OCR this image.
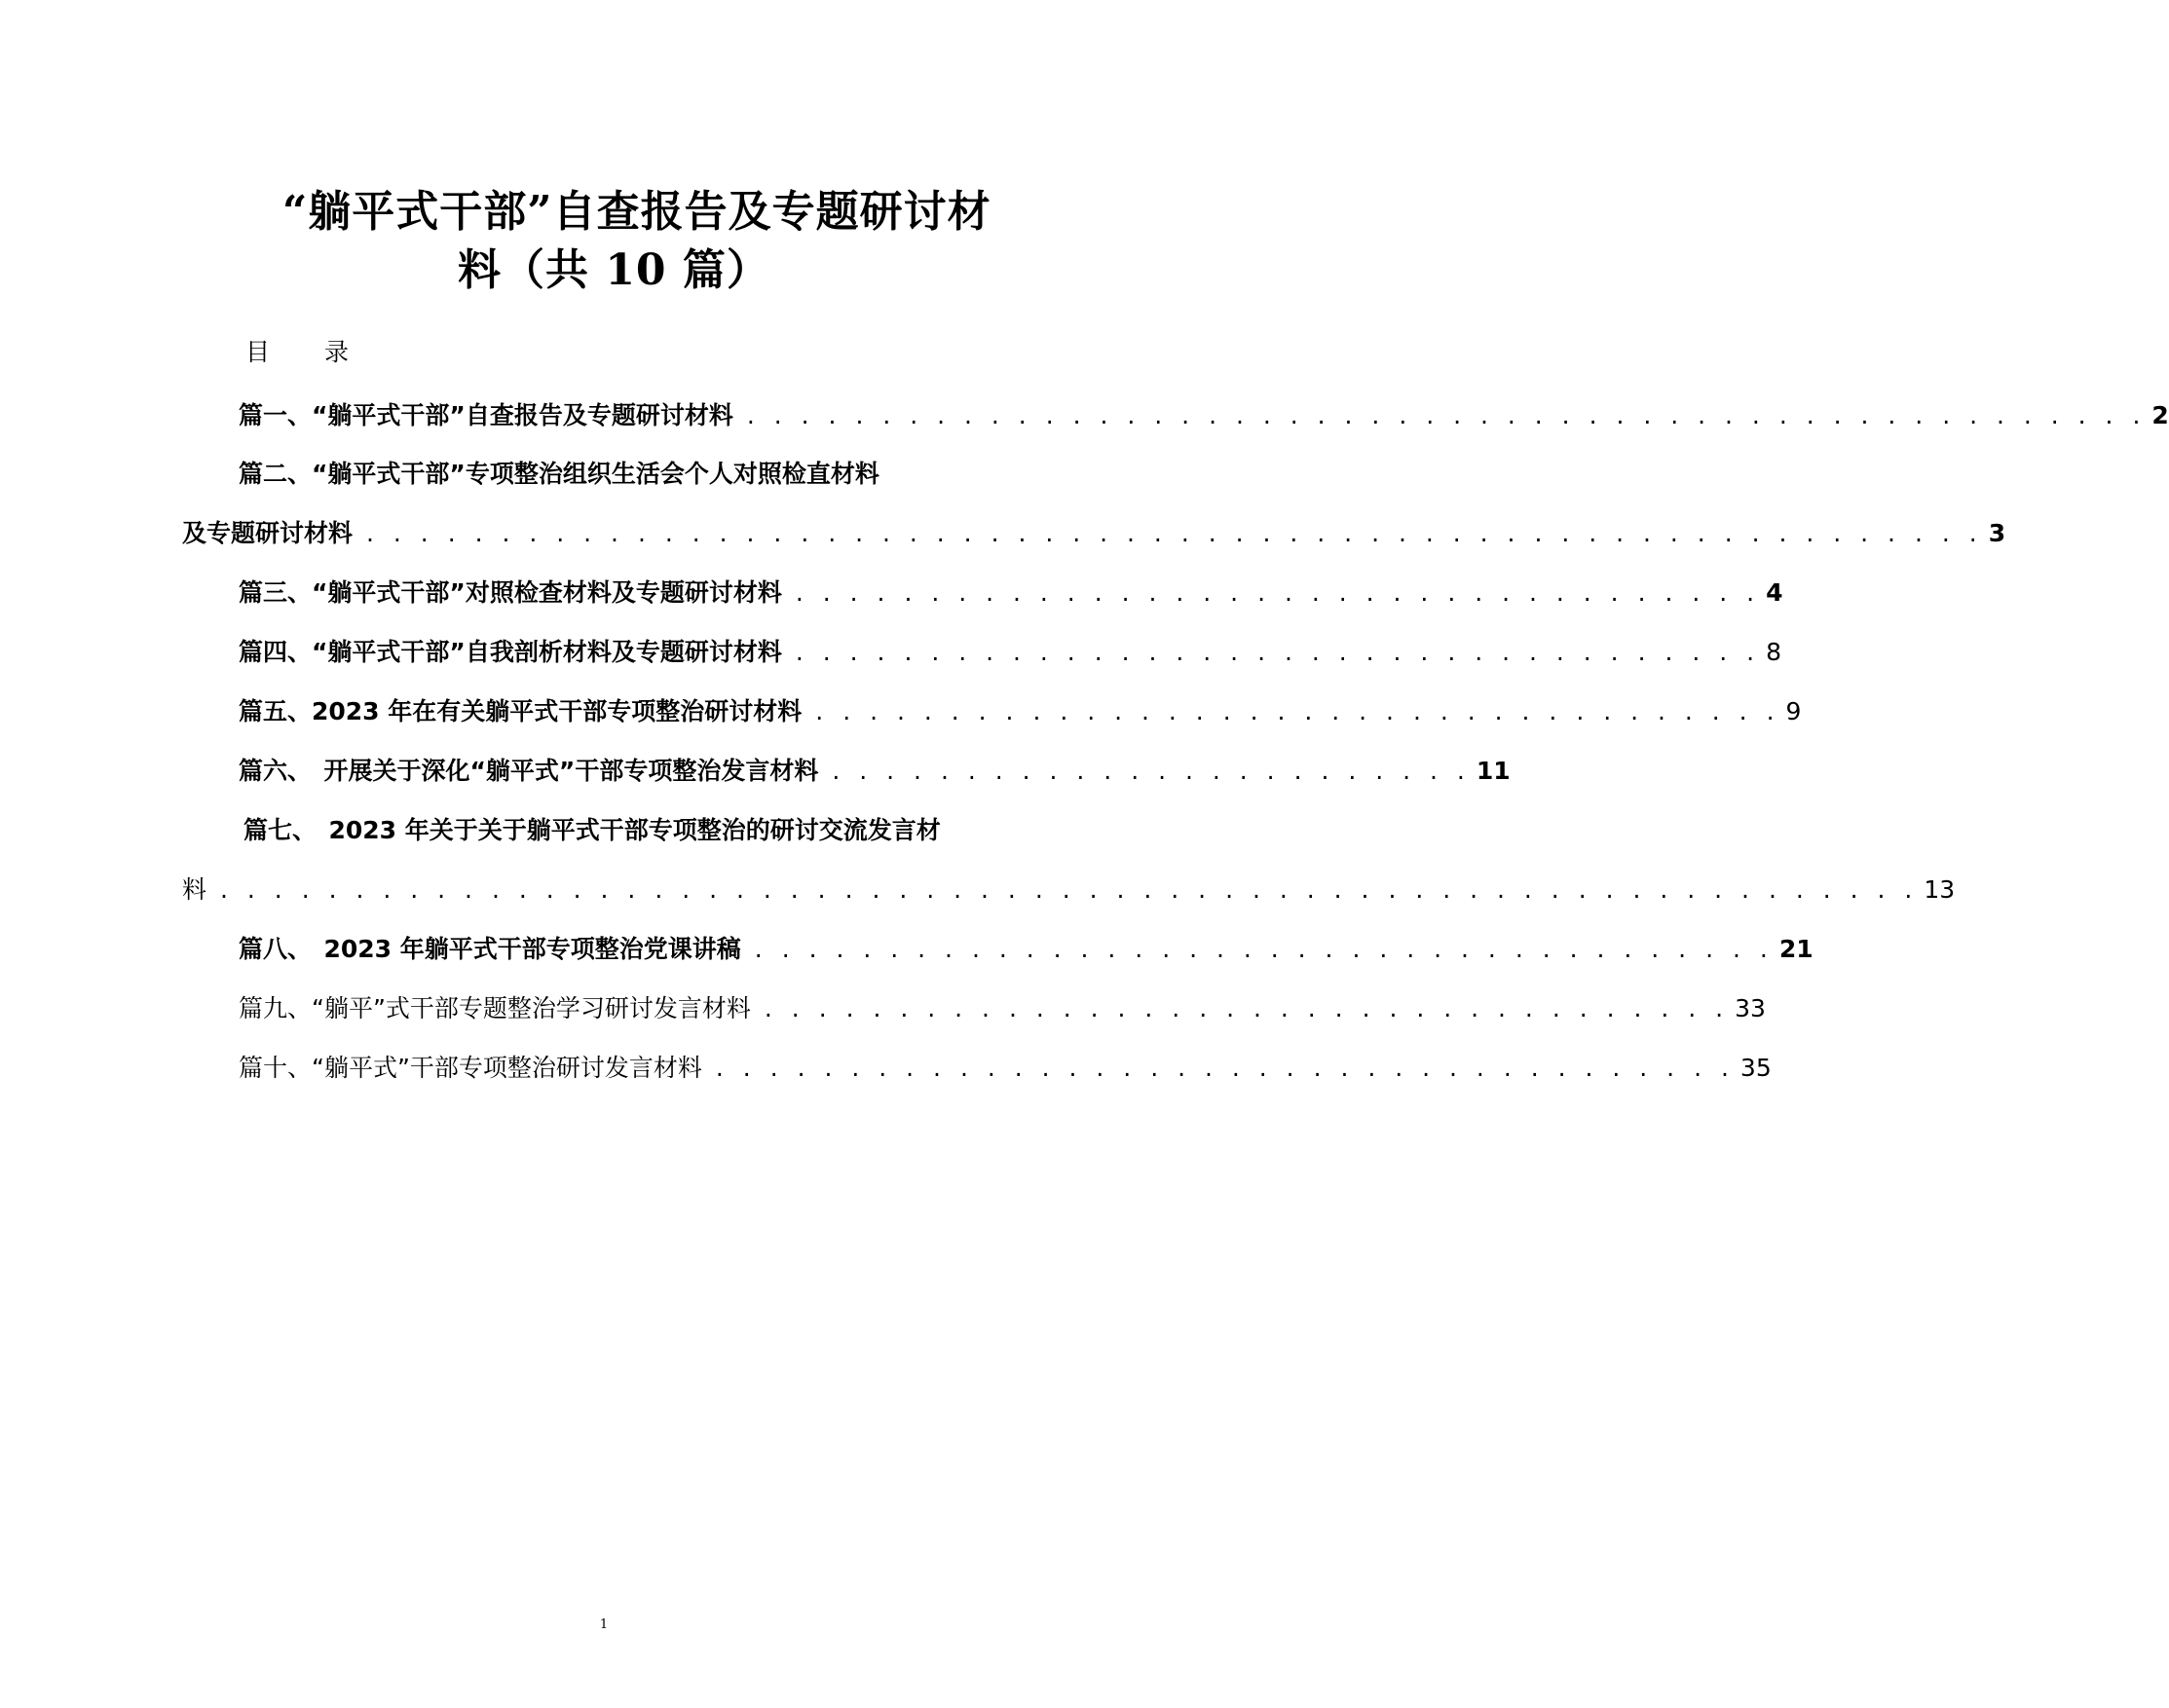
“躺平式干部”自查报告及专题研讨材
料（共 10 篇）
目 录
篇一、“躺平式干部”自查报告及专题研讨材料 . . . . . . . . . . . . . . . . . . . . . . . . . . . . . . . . . . . . . . . . . . . . . . . . . . . . 2
篇二、“躺平式干部”专项整治组织生活会个人对照检直材料
及专题研讨材料 . . . . . . . . . . . . . . . . . . . . . . . . . . . . . . . . . . . . . . . . . . . . . . . . . . . . . . . . . . . . 3
篇三、“躺平式干部”对照检查材料及专题研讨材料 . . . . . . . . . . . . . . . . . . . . . . . . . . . . . . . . . . . . 4
篇四、“躺平式干部”自我剖析材料及专题研讨材料 . . . . . . . . . . . . . . . . . . . . . . . . . . . . . . . . . . . . 8
篇五、2023 年在有关躺平式干部专项整治研讨材料 . . . . . . . . . . . . . . . . . . . . . . . . . . . . . . . . . . . . 9
篇六、　开展关于深化“躺平式”干部专项整治发言材料 . . . . . . . . . . . . . . . . . . . . . . . . 11
篇七、　2023 年关于关于躺平式干部专项整治的研讨交流发言材
料 . . . . . . . . . . . . . . . . . . . . . . . . . . . . . . . . . . . . . . . . . . . . . . . . . . . . . . . . . . . . . . . 13
篇八、　2023 年躺平式干部专项整治党课讲稿 . . . . . . . . . . . . . . . . . . . . . . . . . . . . . . . . . . . . . . 21
篇九、“躺平”式干部专题整治学习研讨发言材料 . . . . . . . . . . . . . . . . . . . . . . . . . . . . . . . . . . . . 33
篇十、“躺平式”干部专项整治研讨发言材料 . . . . . . . . . . . . . . . . . . . . . . . . . . . . . . . . . . . . . . 35
1
